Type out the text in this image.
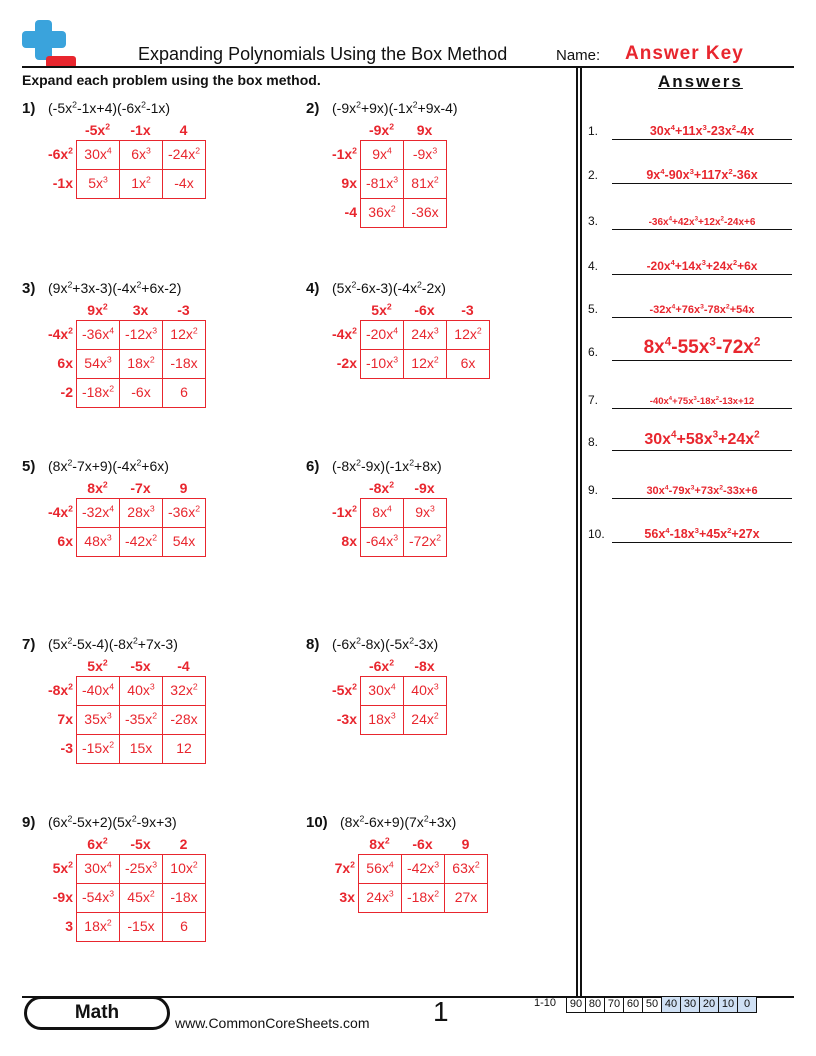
Expanding Polynomials Using the Box Method	Name: Answer Key
Expand each problem using the box method.	Answers
1) $(-5x^2-1x+4)(-6x^2-1x)$
$-5x^2$	-1x	4
$-6x^2$ $30x^4$	$6x^3$	$-24x^2$
-1x	$5x^3$	$1x^2$	-4x
2) $(-9x^2+9x)(-1x^2+9x-4)$
$-9x^2$	9x
$-1x^2$	$9x^4$	$-9x^3$
9x $-81x^3$ $81x^2$
-4 $36x^2$	-36x
3) $(9x^2+3x-3)(-4x^2+6x-2)$
$9x^2$	3x	-3
$-4x^2$ $-36x^4$ $-12x^3$ $12x^2$
6x $54x^3$	$18x^2$	-18x
-2 $-18x^2$	-6x	6
4) $(5x^2-6x-3)(-4x^2-2x)$
$5x^2$	-6x	-3
$-4x^2$ $-20x^4$ $24x^3$	$12x^2$
-2x $-10x^3$ $12x^2$	6x
5) $(8x^2-7x+9)(-4x^2+6x)$
$8x^2$	-7x	9
$-4x^2$ $-32x^4$ $28x^3$ $-36x^2$
6x $48x^3$ $-42x^2$	54x
6) $(-8x^2-9x)(-1x^2+8x)$
$-8x^2$	-9x
$-1x^2$	$8x^4$	$9x^3$
8x $-64x^3$ $-72x^2$
7) $(5x^2-5x-4)(-8x^2+7x-3)$
$5x^2$	-5x	-4
$-8x^2$ $-40x^4$ $40x^3$	$32x^2$
7x $35x^3$ $-35x^2$ -28x
-3 $-15x^2$	15x	12
8) $(-6x^2-8x)(-5x^2-3x)$
$-6x^2$	-8x
$-5x^2$ $30x^4$	$40x^3$
-3x $18x^3$	$24x^2$
9) $(6x^2-5x+2)(5x^2-9x+3)$
$6x^2$	-5x	2
$5x^2$ $30x^4$ $-25x^3$ $10x^2$
-9x $-54x^3$ $45x^2$	-18x
3 $18x^2$	-15x	6
10) $(8x^2-6x+9)(7x^2+3x)$
$8x^2$	-6x	9
$7x^2$ $56x^4$ $-42x^3$ $63x^2$
3x $24x^3$ $-18x^2$	27x
1.	$30x^4+11x^3-23x^2-4x$
2.	$9x^4-90x^3+117x^2-36x$
3.	$-36x^4+42x^3+12x^2-24x+6$
4.	$-20x^4+14x^3+24x^2+6x$
5.	$-32x^4+76x^3-78x^2+54x$
6.	$8x^4-55x^3-72x^2$
7.	$-40x^4+75x^3-18x^2-13x+12$
8.	$30x^4+58x^3+24x^2$
9.	$30x^4-79x^3+73x^2-33x+6$
10.	$56x^4-18x^3+45x^2+27x$
Math	www.CommonCoreSheets.com 1	1-10	90 80 70 60 50 40 30 20 10 0
